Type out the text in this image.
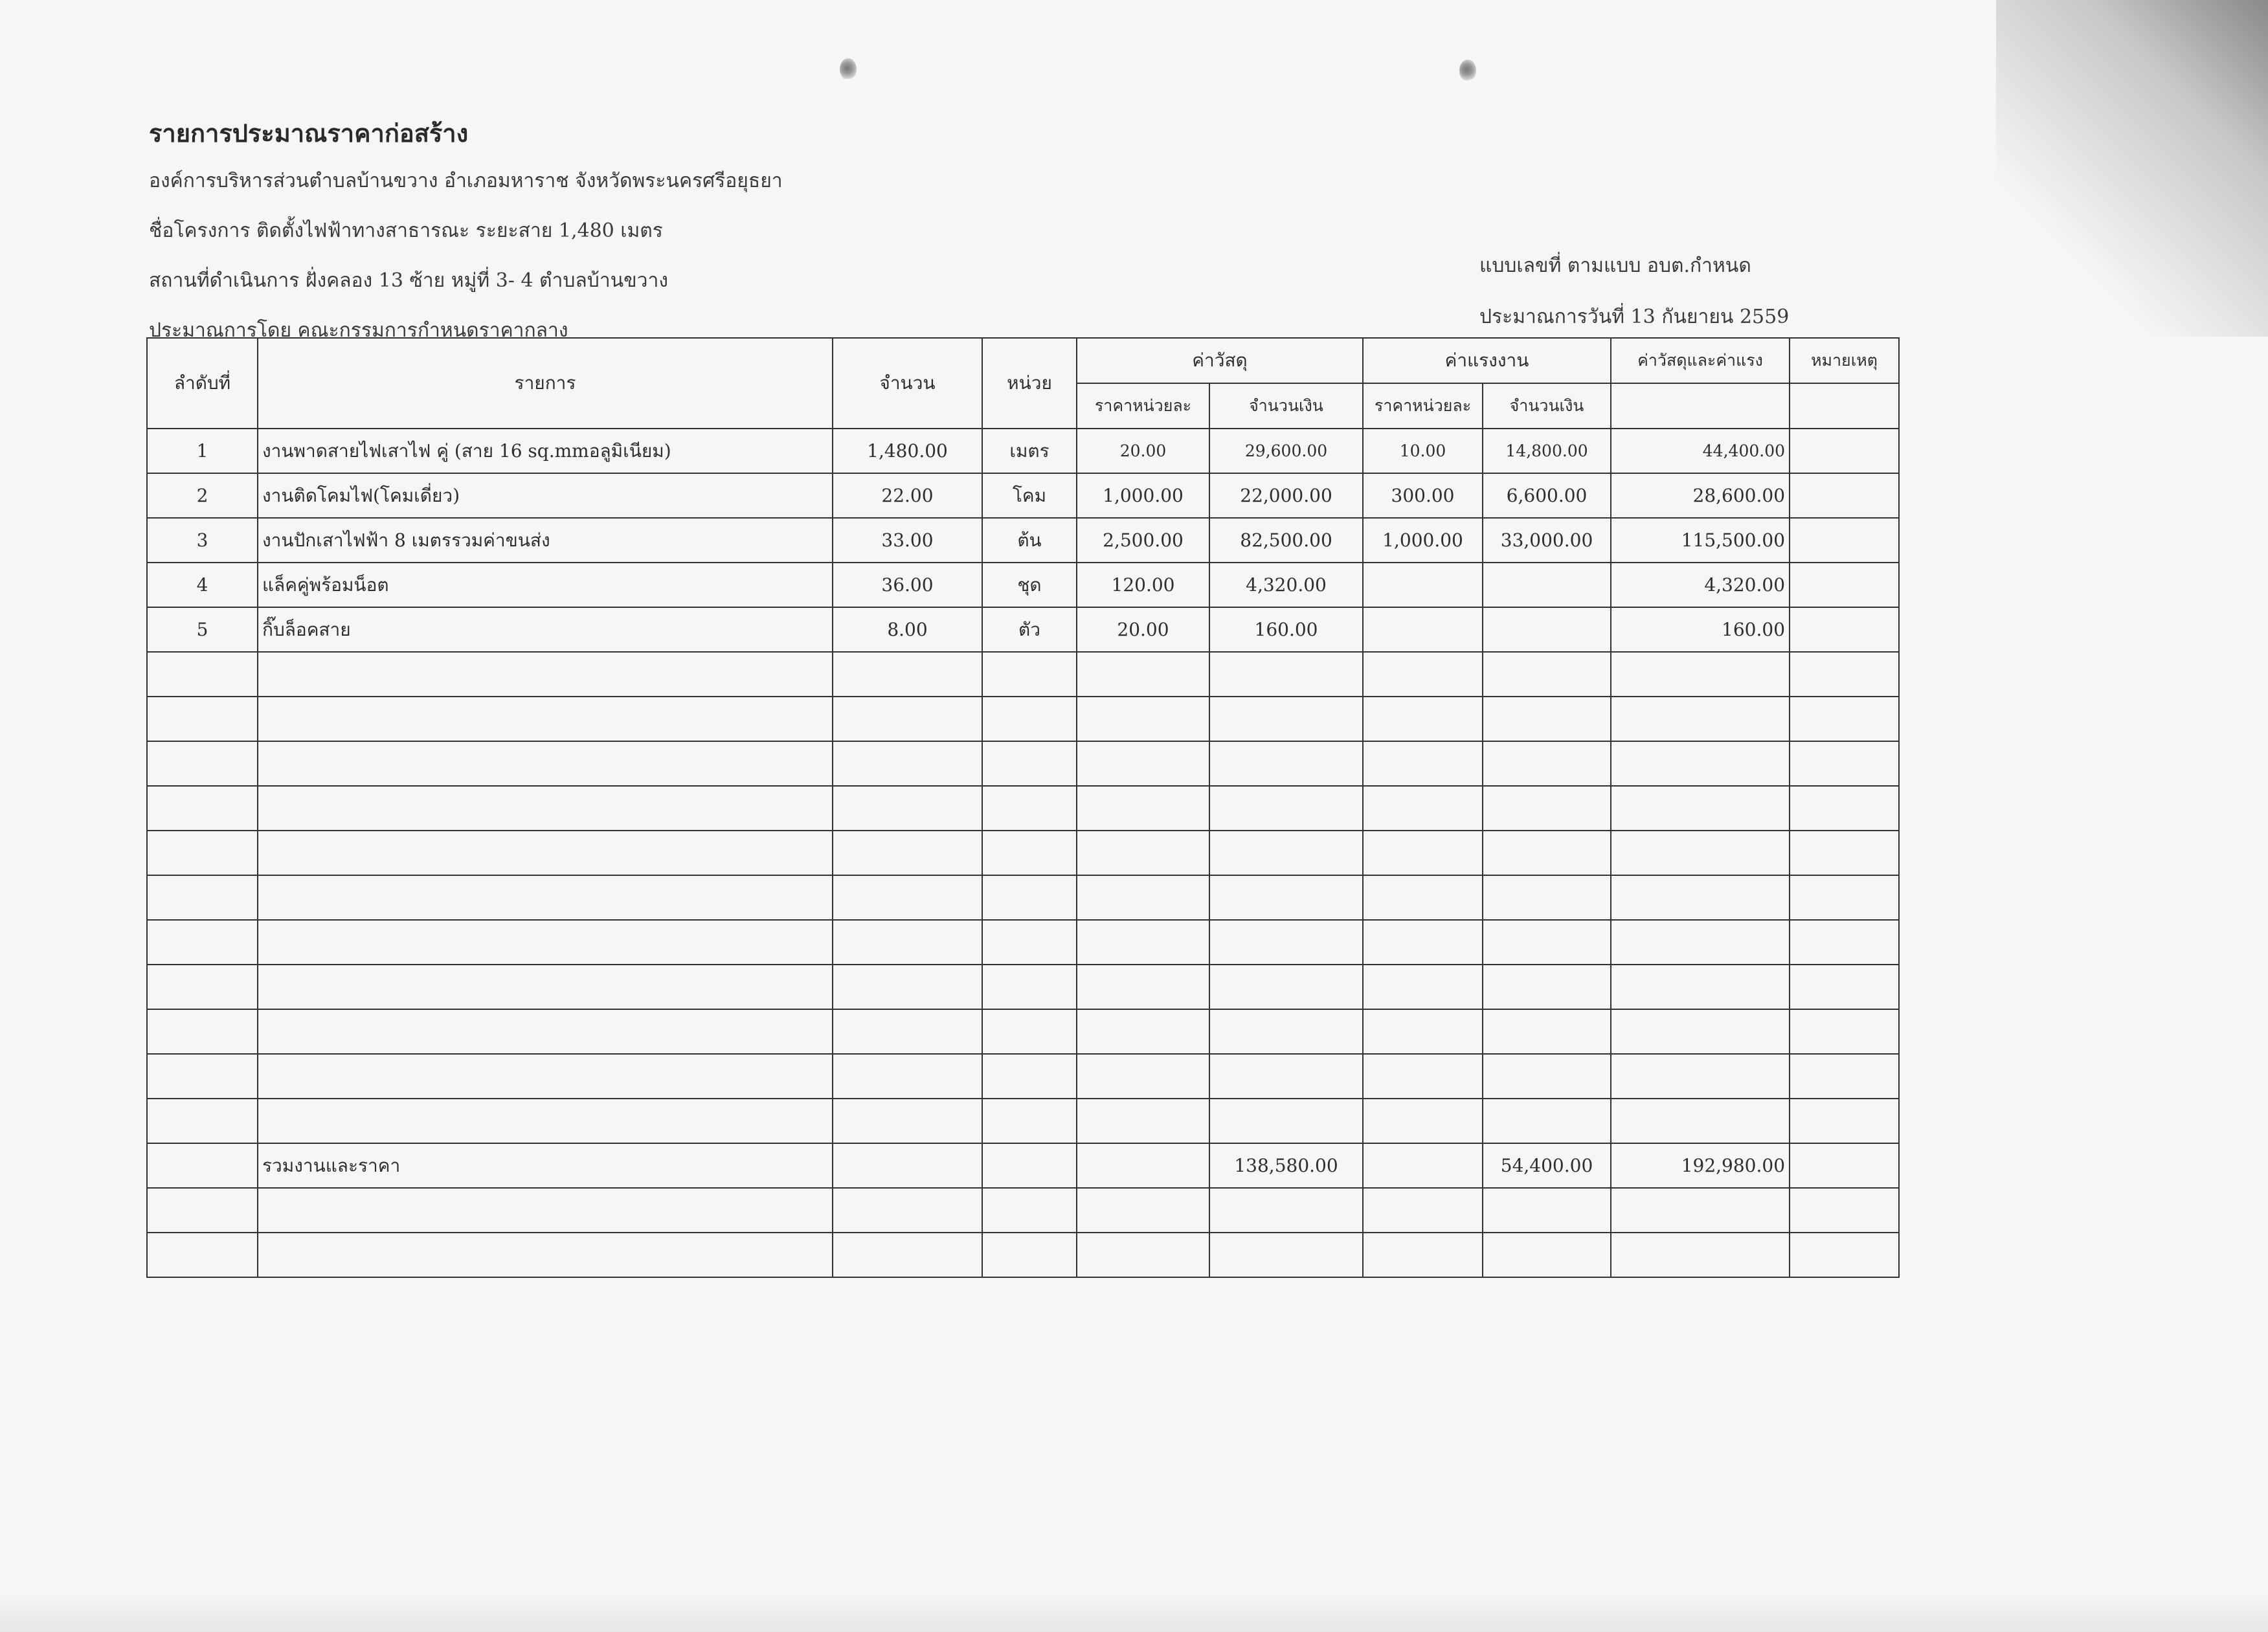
รายการประมาณราคาก่อสร้าง
องค์การบริหารส่วนตำบลบ้านขวาง อำเภอมหาราช จังหวัดพระนครศรีอยุธยา
ชื่อโครงการ ติดตั้งไฟฟ้าทางสาธารณะ ระยะสาย 1,480 เมตร
สถานที่ดำเนินการ ฝั่งคลอง 13 ซ้าย หมู่ที่ 3- 4 ตำบลบ้านขวาง
ประมาณการโดย คณะกรรมการกำหนดราคากลาง
แบบเลขที่ ตามแบบ อบต.กำหนด
ประมาณการวันที่ 13 กันยายน 2559
ลำดับที่	รายการ	จำนวน	หน่วย	ค่าวัสดุ		ค่าแรงงาน		ค่าวัสดุและค่าแรง	หมายเหตุ
				ราคาหน่วยละ	จำนวนเงิน	ราคาหน่วยละ	จำนวนเงิน		
1	งานพาดสายไฟเสาไฟ คู่ (สาย 16 sq.mmอลูมิเนียม)	1,480.00	เมตร	20.00	29,600.00	10.00	14,800.00	44,400.00	
2	งานติดโคมไฟ(โคมเดี่ยว)	22.00	โคม	1,000.00	22,000.00	300.00	6,600.00	28,600.00	
3	งานปักเสาไฟฟ้า 8 เมตรรวมค่าขนส่ง	33.00	ต้น	2,500.00	82,500.00	1,000.00	33,000.00	115,500.00	
4	แล็คคู่พร้อมน็อต	36.00	ชุด	120.00	4,320.00			4,320.00	
5	กิ๊บล็อคสาย	8.00	ตัว	20.00	160.00			160.00	

	รวมงานและราคา				138,580.00		54,400.00	192,980.00	
